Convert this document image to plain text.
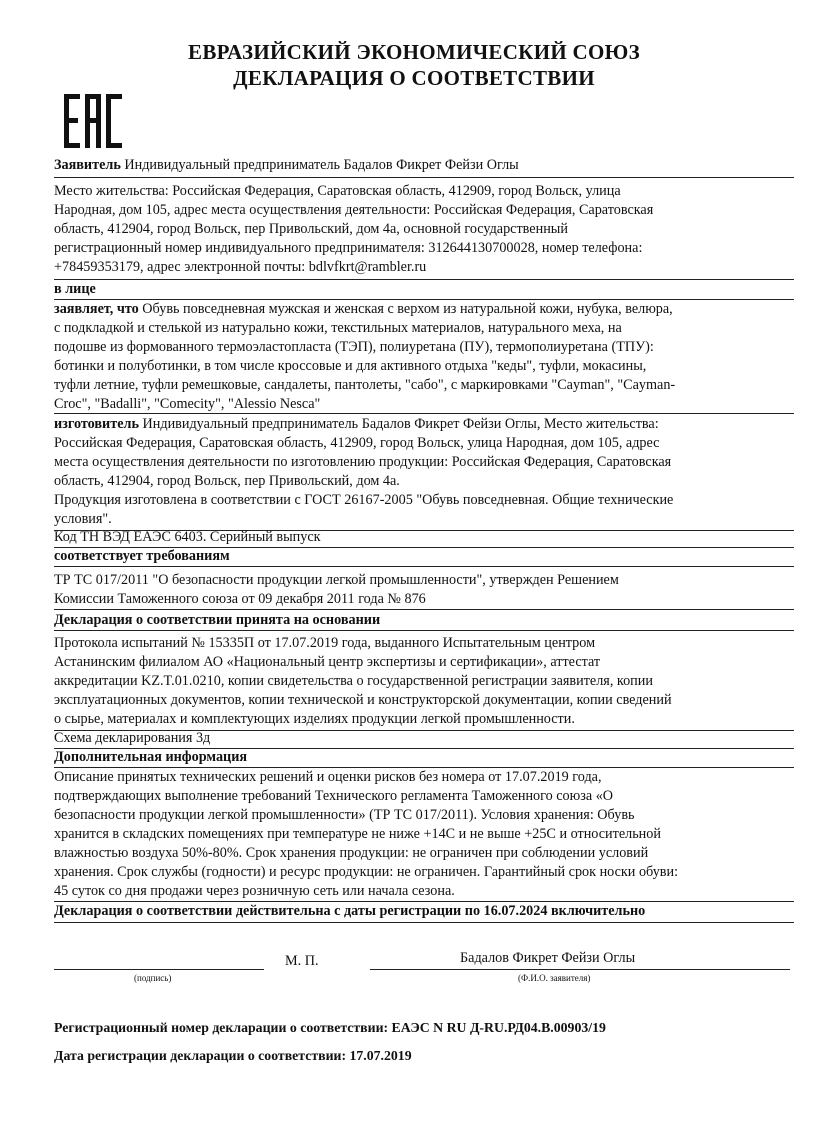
ЕВРАЗИЙСКИЙ ЭКОНОМИЧЕСКИЙ СОЮЗ
ДЕКЛАРАЦИЯ О СООТВЕТСТВИИ
Заявитель Индивидуальный предприниматель Бадалов Фикрет Фейзи Оглы
Место жительства: Российская Федерация, Саратовская область, 412909, город Вольск, улица
Народная, дом 105, адрес места осуществления деятельности: Российская Федерация, Саратовская
область, 412904, город Вольск, пер Привольский, дом 4а, основной государственный
регистрационный номер индивидуального предпринимателя: 312644130700028, номер телефона:
+78459353179, адрес электронной почты: bdlvfkrt@rambler.ru
в лице
заявляет, что Обувь повседневная мужская и женская с верхом из натуральной кожи, нубука, велюра,
с подкладкой и стелькой из натурально кожи, текстильных материалов, натурального меха, на
подошве из формованного термоэластопласта (ТЭП), полиуретана (ПУ), термополиуретана (ТПУ):
ботинки и полуботинки, в том числе кроссовые и для активного отдыха "кеды", туфли, мокасины,
туфли летние, туфли ремешковые, сандалеты, пантолеты, "сабо", с маркировками "Cayman", "Cayman-
Croc", "Badalli", "Comecity", "Alessio Nesca"
изготовитель Индивидуальный предприниматель Бадалов Фикрет Фейзи Оглы, Место жительства:
Российская Федерация, Саратовская область, 412909, город Вольск, улица Народная, дом 105, адрес
места осуществления деятельности по изготовлению продукции: Российская Федерация, Саратовская
область, 412904, город Вольск, пер Привольский, дом 4а.
Продукция изготовлена в соответствии с ГОСТ 26167-2005 "Обувь повседневная. Общие технические
условия".
Код ТН ВЭД ЕАЭС 6403. Серийный выпуск
соответствует требованиям
ТР ТС 017/2011 "О безопасности продукции легкой промышленности", утвержден Решением
Комиссии Таможенного союза от 09 декабря 2011 года № 876
Декларация о соответствии принята на основании
Протокола испытаний № 15335П от 17.07.2019 года, выданного Испытательным центром
Астанинским филиалом АО «Национальный центр экспертизы и сертификации», аттестат
аккредитации KZ.T.01.0210, копии свидетельства о государственной регистрации заявителя, копии
эксплуатационных документов, копии технической и конструкторской документации, копии сведений
о сырье, материалах и комплектующих изделиях продукции легкой промышленности.
Схема декларирования 3д
Дополнительная информация
Описание принятых технических решений и оценки рисков без номера от 17.07.2019 года,
подтверждающих выполнение требований Технического регламента Таможенного союза «О
безопасности продукции легкой промышленности» (ТР ТС 017/2011). Условия хранения: Обувь
хранится в складских помещениях при температуре не ниже +14С и не выше +25С и относительной
влажностью воздуха 50%-80%. Срок хранения продукции: не ограничен при соблюдении условий
хранения. Срок службы (годности) и ресурс продукции: не ограничен. Гарантийный срок носки обуви:
45 суток со дня продажи через розничную сеть или начала сезона.
Декларация о соответствии действительна с даты регистрации по 16.07.2024 включительно
(подпись)
М. П.	Бадалов Фикрет Фейзи Оглы
(Ф.И.О. заявителя)
Регистрационный номер декларации о соответствии: ЕАЭС N RU Д-RU.РД04.В.00903/19
Дата регистрации декларации о соответствии: 17.07.2019
